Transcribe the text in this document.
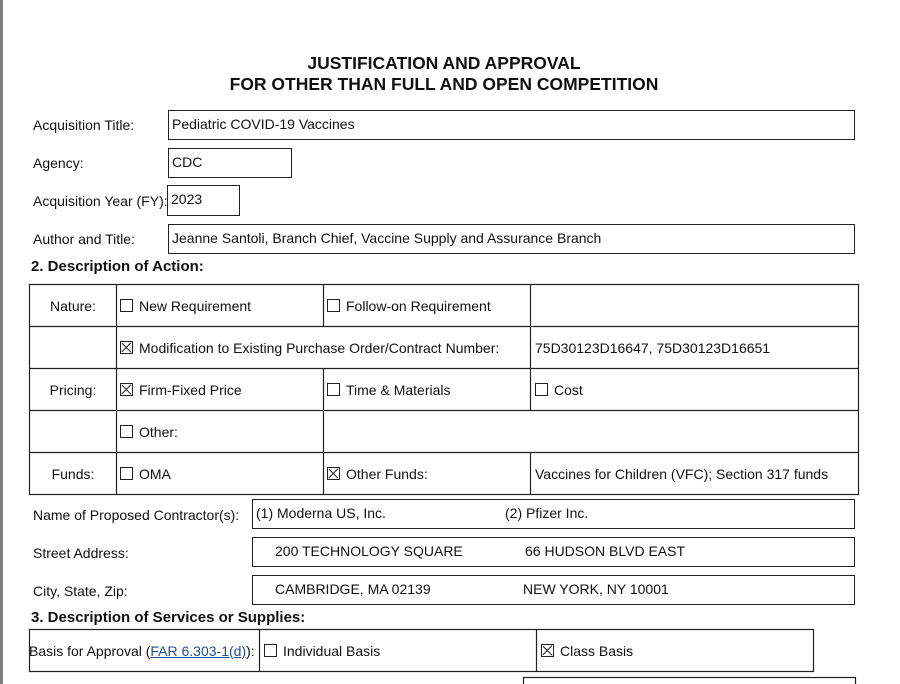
JUSTIFICATION AND APPROVAL
FOR OTHER THAN FULL AND OPEN COMPETITION
Acquisition Title:	Pediatric COVID-19 Vaccines
Agency:	CDC
Acquisition Year (FY): 2023
Author and Title:	Jeanne Santoli, Branch Chief, Vaccine Supply and Assurance Branch
2. Description of Action:
Nature:	New Requirement	Follow-on Requirement
Modification to Existing Purchase Order/Contract Number:	75D30123D16647, 75D30123D16651
Pricing:	Firm-Fixed Price	Time & Materials	Cost
Other:
Funds:	OMA	Other Funds:	Vaccines for Children (VFC); Section 317 funds
Name of Proposed Contractor(s): (1) Moderna US, Inc.	(2) Pfizer Inc.
Street Address:	200 TECHNOLOGY SQUARE	66 HUDSON BLVD EAST
City, State, Zip:	CAMBRIDGE, MA 02139	NEW YORK, NY 10001
3. Description of Services or Supplies:
Basis for Approval ( FAR 6.303-1(d) ): Individual Basis	Class Basis
